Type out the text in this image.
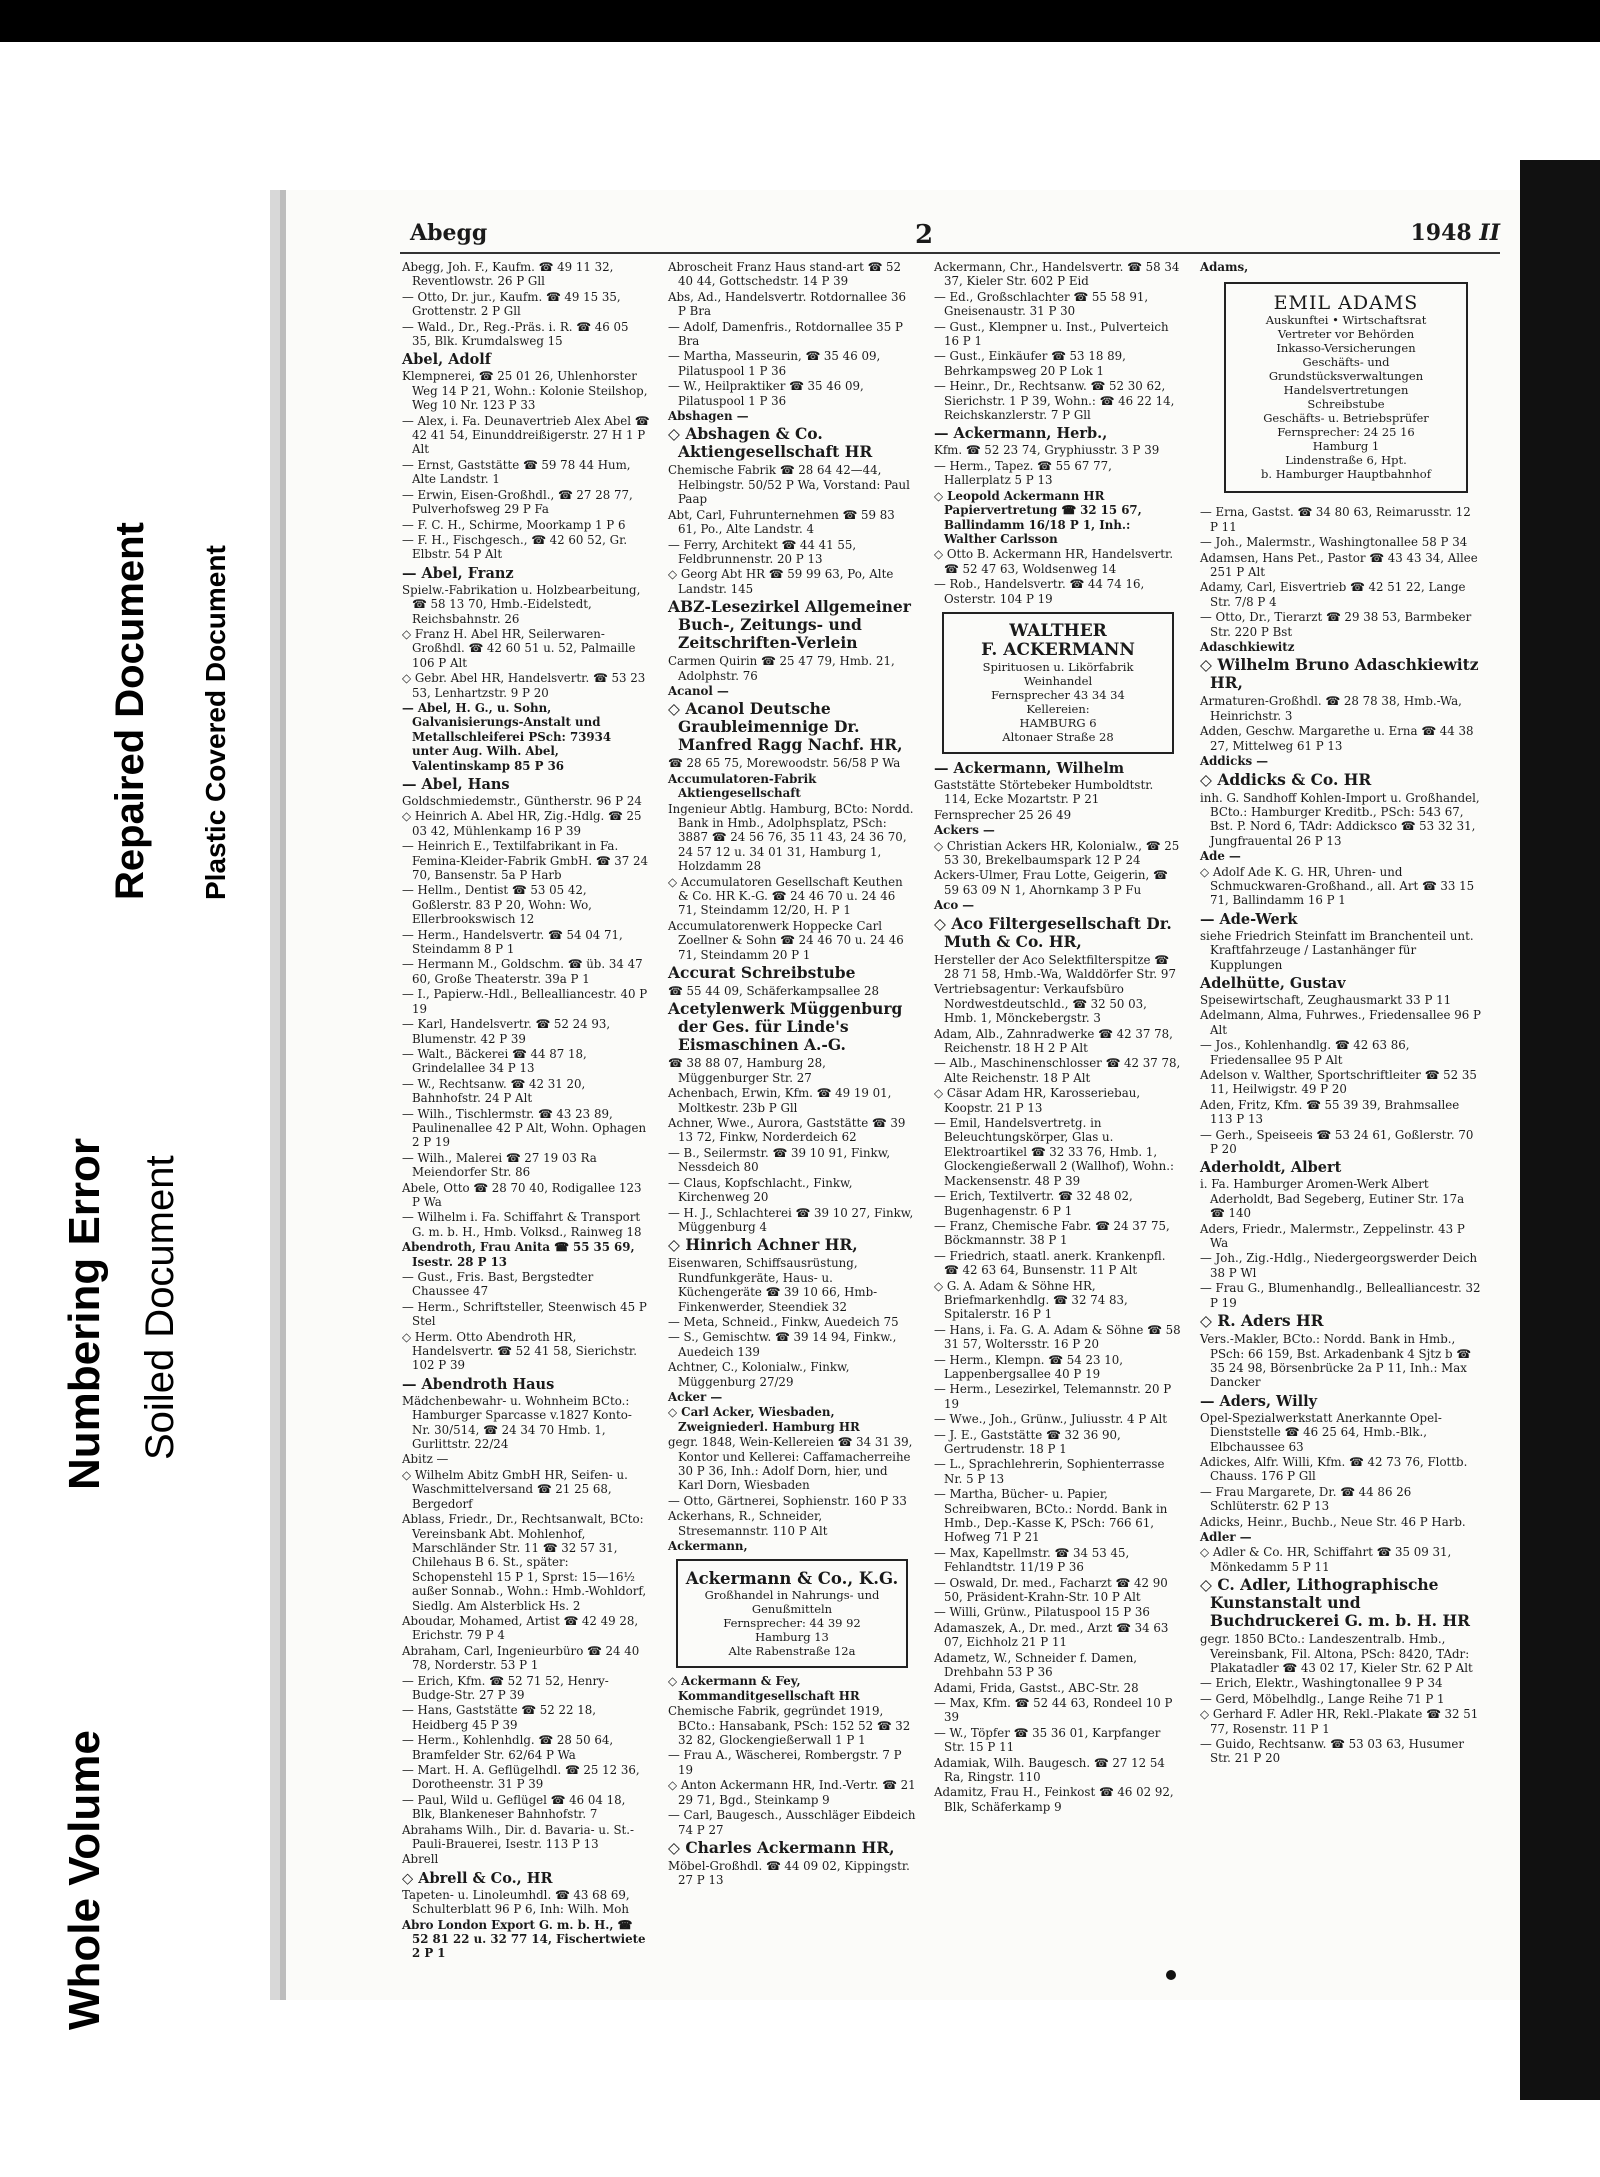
Whole Volume
Numbering Error Soiled Document
Repaired Document Plastic Covered Document
Abegg	2	1948 II
Abegg, Joh. F., Kaufm. ☎ 49 11 32, Reventlowstr. 26 P Gll
— Otto, Dr. jur., Kaufm. ☎ 49 15 35, Grottenstr. 2 P Gll
— Wald., Dr., Reg.-Präs. i. R. ☎ 46 05 35, Blk. Krumdalsweg 15
Abel, Adolf
Klempnerei, ☎ 25 01 26, Uhlenhorster Weg 14 P 21, Wohn.: Kolonie Steilshop, Weg 10 Nr. 123 P 33
— Alex, i. Fa. Deunavertrieb Alex Abel ☎ 42 41 54, Einunddreißigerstr. 27 H 1 P Alt
— Ernst, Gaststätte ☎ 59 78 44 Hum, Alte Landstr. 1
— Erwin, Eisen-Großhdl., ☎ 27 28 77, Pulverhofsweg 29 P Fa
— F. C. H., Schirme, Moorkamp 1 P 6
— F. H., Fischgesch., ☎ 42 60 52, Gr. Elbstr. 54 P Alt
— Abel, Franz
Spielw.-Fabrikation u. Holzbearbeitung, ☎ 58 13 70, Hmb.-Eidelstedt, Reichsbahnstr. 26
◇ Franz H. Abel HR, Seilerwaren-Großhdl. ☎ 42 60 51 u. 52, Palmaille 106 P Alt
◇ Gebr. Abel HR, Handelsvertr. ☎ 53 23 53, Lenhartzstr. 9 P 20
— Abel, H. G., u. Sohn, Galvanisierungs-Anstalt und Metallschleiferei PSch: 73934 unter Aug. Wilh. Abel, Valentinskamp 85 P 36
— Abel, Hans
Goldschmiedemstr., Güntherstr. 96 P 24
◇ Heinrich A. Abel HR, Zig.-Hdlg. ☎ 25 03 42, Mühlenkamp 16 P 39
— Heinrich E., Textilfabrikant in Fa. Femina-Kleider-Fabrik GmbH. ☎ 37 24 70, Bansenstr. 5a P Harb
— Hellm., Dentist ☎ 53 05 42, Goßlerstr. 83 P 20, Wohn: Wo, Ellerbrookswisch 12
— Herm., Handelsvertr. ☎ 54 04 71, Steindamm 8 P 1
— Hermann M., Goldschm. ☎ üb. 34 47 60, Große Theaterstr. 39a P 1
— I., Papierw.-Hdl., Bellealliancestr. 40 P 19
— Karl, Handelsvertr. ☎ 52 24 93, Blumenstr. 42 P 39
— Walt., Bäckerei ☎ 44 87 18, Grindelallee 34 P 13
— W., Rechtsanw. ☎ 42 31 20, Bahnhofstr. 24 P Alt
— Wilh., Tischlermstr. ☎ 43 23 89, Paulinenallee 42 P Alt, Wohn. Ophagen 2 P 19
— Wilh., Malerei ☎ 27 19 03 Ra Meiendorfer Str. 86
Abele, Otto ☎ 28 70 40, Rodigallee 123 P Wa
— Wilhelm i. Fa. Schiffahrt & Transport G. m. b. H., Hmb. Volksd., Rainweg 18
Abendroth, Frau Anita ☎ 55 35 69, Isestr. 28 P 13
— Gust., Fris. Bast, Bergstedter Chaussee 47
— Herm., Schriftsteller, Steenwisch 45 P Stel
◇ Herm. Otto Abendroth HR, Handelsvertr. ☎ 52 41 58, Sierichstr. 102 P 39
— Abendroth Haus
Mädchenbewahr- u. Wohnheim BCto.: Hamburger Sparcasse v.1827 Konto-Nr. 30/514, ☎ 24 34 70 Hmb. 1, Gurlittstr. 22/24
Abitz —
◇ Wilhelm Abitz GmbH HR, Seifen- u. Waschmittelversand ☎ 21 25 68, Bergedorf
Ablass, Friedr., Dr., Rechtsanwalt, BCto: Vereinsbank Abt. Mohlenhof, Marschländer Str. 11 ☎ 32 57 31, Chilehaus B 6. St., später: Schopenstehl 15 P 1, Sprst: 15—16½ außer Sonnab., Wohn.: Hmb.-Wohldorf, Siedlg. Am Alsterblick Hs. 2
Aboudar, Mohamed, Artist ☎ 42 49 28, Erichstr. 79 P 4
Abraham, Carl, Ingenieurbüro ☎ 24 40 78, Norderstr. 53 P 1
— Erich, Kfm. ☎ 52 71 52, Henry-Budge-Str. 27 P 39
— Hans, Gaststätte ☎ 52 22 18, Heidberg 45 P 39
— Herm., Kohlenhdlg. ☎ 28 50 64, Bramfelder Str. 62/64 P Wa
— Mart. H. A. Geflügelhdl. ☎ 25 12 36, Dorotheenstr. 31 P 39
— Paul, Wild u. Geflügel ☎ 46 04 18, Blk, Blankeneser Bahnhofstr. 7
Abrahams Wilh., Dir. d. Bavaria- u. St.-Pauli-Brauerei, Isestr. 113 P 13
Abrell
◇ Abrell & Co., HR
Tapeten- u. Linoleumhdl. ☎ 43 68 69, Schulterblatt 96 P 6, Inh: Wilh. Moh
Abro London Export G. m. b. H., ☎ 52 81 22 u. 32 77 14, Fischertwiete 2 P 1
Abroscheit Franz Haus stand-art ☎ 52 40 44, Gottschedstr. 14 P 39
Abs, Ad., Handelsvertr. Rotdornallee 36 P Bra
— Adolf, Damenfris., Rotdornallee 35 P Bra
— Martha, Masseurin, ☎ 35 46 09, Pilatuspool 1 P 36
— W., Heilpraktiker ☎ 35 46 09, Pilatuspool 1 P 36
Abshagen —
◇ Abshagen & Co. Aktiengesellschaft HR
Chemische Fabrik ☎ 28 64 42—44, Helbingstr. 50/52 P Wa, Vorstand: Paul Paap
Abt, Carl, Fuhrunternehmen ☎ 59 83 61, Po., Alte Landstr. 4
— Ferry, Architekt ☎ 44 41 55, Feldbrunnenstr. 20 P 13
◇ Georg Abt HR ☎ 59 99 63, Po, Alte Landstr. 145
ABZ-Lesezirkel Allgemeiner Buch-, Zeitungs- und Zeitschriften-Verlein
Carmen Quirin ☎ 25 47 79, Hmb. 21, Adolphstr. 76
Acanol —
◇ Acanol Deutsche Graubleimennige Dr. Manfred Ragg Nachf. HR,
☎ 28 65 75, Morewoodstr. 56/58 P Wa
Accumulatoren-Fabrik Aktiengesellschaft
Ingenieur Abtlg. Hamburg, BCto: Nordd. Bank in Hmb., Adolphsplatz, PSch: 3887 ☎ 24 56 76, 35 11 43, 24 36 70, 24 57 12 u. 34 01 31, Hamburg 1, Holzdamm 28
◇ Accumulatoren Gesellschaft Keuthen & Co. HR K.-G. ☎ 24 46 70 u. 24 46 71, Steindamm 12/20, H. P 1
Accumulatorenwerk Hoppecke Carl Zoellner & Sohn ☎ 24 46 70 u. 24 46 71, Steindamm 20 P 1
Accurat Schreibstube
☎ 55 44 09, Schäferkampsallee 28
Acetylenwerk Müggenburg der Ges. für Linde's Eismaschinen A.-G.
☎ 38 88 07, Hamburg 28, Müggenburger Str. 27
Achenbach, Erwin, Kfm. ☎ 49 19 01, Moltkestr. 23b P Gll
Achner, Wwe., Aurora, Gaststätte ☎ 39 13 72, Finkw, Norderdeich 62
— B., Seilermstr. ☎ 39 10 91, Finkw, Nessdeich 80
— Claus, Kopfschlacht., Finkw, Kirchenweg 20
— H. J., Schlachterei ☎ 39 10 27, Finkw, Müggenburg 4
◇ Hinrich Achner HR,
Eisenwaren, Schiffsausrüstung, Rundfunkgeräte, Haus- u. Küchengeräte ☎ 39 10 66, Hmb-Finkenwerder, Steendiek 32
— Meta, Schneid., Finkw, Auedeich 75
— S., Gemischtw. ☎ 39 14 94, Finkw., Auedeich 139
Achtner, C., Kolonialw., Finkw, Müggenburg 27/29
Acker —
◇ Carl Acker, Wiesbaden, Zweigniederl. Hamburg HR
gegr. 1848, Wein-Kellereien ☎ 34 31 39, Kontor und Kellerei: Caffamacherreihe 30 P 36, Inh.: Adolf Dorn, hier, und Karl Dorn, Wiesbaden
— Otto, Gärtnerei, Sophienstr. 160 P 33
Ackerhans, R., Schneider, Stresemannstr. 110 P Alt
Ackermann,
Ackermann & Co., K.G.
Großhandel in Nahrungs- und Genußmitteln
Fernsprecher: 44 39 92
Hamburg 13
Alte Rabenstraße 12a
◇ Ackermann & Fey, Kommanditgesellschaft HR
Chemische Fabrik, gegründet 1919, BCto.: Hansabank, PSch: 152 52 ☎ 32 32 82, Glockengießerwall 1 P 1
— Frau A., Wäscherei, Rombergstr. 7 P 19
◇ Anton Ackermann HR, Ind.-Vertr. ☎ 21 29 71, Bgd., Steinkamp 9
— Carl, Baugesch., Ausschläger Eibdeich 74 P 27
◇ Charles Ackermann HR,
Möbel-Großhdl. ☎ 44 09 02, Kippingstr. 27 P 13
Ackermann, Chr., Handelsvertr. ☎ 58 34 37, Kieler Str. 602 P Eid
— Ed., Großschlachter ☎ 55 58 91, Gneisenaustr. 31 P 30
— Gust., Klempner u. Inst., Pulverteich 16 P 1
— Gust., Einkäufer ☎ 53 18 89, Behrkampsweg 20 P Lok 1
— Heinr., Dr., Rechtsanw. ☎ 52 30 62, Sierichstr. 1 P 39, Wohn.: ☎ 46 22 14, Reichskanzlerstr. 7 P Gll
— Ackermann, Herb.,
Kfm. ☎ 52 23 74, Gryphiusstr. 3 P 39
— Herm., Tapez. ☎ 55 67 77, Hallerplatz 5 P 13
◇ Leopold Ackermann HR Papiervertretung ☎ 32 15 67, Ballindamm 16/18 P 1, Inh.: Walther Carlsson
◇ Otto B. Ackermann HR, Handelsvertr. ☎ 52 47 63, Woldsenweg 14
— Rob., Handelsvertr. ☎ 44 74 16, Osterstr. 104 P 19
WALTHER
F. ACKERMANN
Spirituosen u. Likörfabrik
Weinhandel
Fernsprecher 43 34 34
Kellereien:
HAMBURG 6
Altonaer Straße 28
— Ackermann, Wilhelm
Gaststätte Störtebeker Humboldtstr. 114, Ecke Mozartstr. P 21
Fernsprecher 25 26 49
Ackers —
◇ Christian Ackers HR, Kolonialw., ☎ 25 53 30, Brekelbaumspark 12 P 24
Ackers-Ulmer, Frau Lotte, Geigerin, ☎ 59 63 09 N 1, Ahornkamp 3 P Fu
Aco —
◇ Aco Filtergesellschaft Dr. Muth & Co. HR,
Hersteller der Aco Selektfilterspitze ☎ 28 71 58, Hmb.-Wa, Walddörfer Str. 97
Vertriebsagentur: Verkaufsbüro Nordwestdeutschld., ☎ 32 50 03, Hmb. 1, Mönckebergstr. 3
Adam, Alb., Zahnradwerke ☎ 42 37 78, Reichenstr. 18 H 2 P Alt
— Alb., Maschinenschlosser ☎ 42 37 78, Alte Reichenstr. 18 P Alt
◇ Cäsar Adam HR, Karosseriebau, Koopstr. 21 P 13
— Emil, Handelsvertretg. in Beleuchtungskörper, Glas u. Elektroartikel ☎ 32 33 76, Hmb. 1, Glockengießerwall 2 (Wallhof), Wohn.: Mackensenstr. 48 P 39
— Erich, Textilvertr. ☎ 32 48 02, Bugenhagenstr. 6 P 1
— Franz, Chemische Fabr. ☎ 24 37 75, Böckmannstr. 38 P 1
— Friedrich, staatl. anerk. Krankenpfl. ☎ 42 63 64, Bunsenstr. 11 P Alt
◇ G. A. Adam & Söhne HR, Briefmarkenhdlg. ☎ 32 74 83, Spitalerstr. 16 P 1
— Hans, i. Fa. G. A. Adam & Söhne ☎ 58 31 57, Woltersstr. 16 P 20
— Herm., Klempn. ☎ 54 23 10, Lappenbergsallee 40 P 19
— Herm., Lesezirkel, Telemannstr. 20 P 19
— Wwe., Joh., Grünw., Juliusstr. 4 P Alt
— J. E., Gaststätte ☎ 32 36 90, Gertrudenstr. 18 P 1
— L., Sprachlehrerin, Sophienterrasse Nr. 5 P 13
— Martha, Bücher- u. Papier, Schreibwaren, BCto.: Nordd. Bank in Hmb., Dep.-Kasse K, PSch: 766 61, Hofweg 71 P 21
— Max, Kapellmstr. ☎ 34 53 45, Fehlandtstr. 11/19 P 36
— Oswald, Dr. med., Facharzt ☎ 42 90 50, Präsident-Krahn-Str. 10 P Alt
— Willi, Grünw., Pilatuspool 15 P 36
Adamaszek, A., Dr. med., Arzt ☎ 34 63 07, Eichholz 21 P 11
Adametz, W., Schneider f. Damen, Drehbahn 53 P 36
Adami, Frida, Gastst., ABC-Str. 28
— Max, Kfm. ☎ 52 44 63, Rondeel 10 P 39
— W., Töpfer ☎ 35 36 01, Karpfanger Str. 15 P 11
Adamiak, Wilh. Baugesch. ☎ 27 12 54 Ra, Ringstr. 110
Adamitz, Frau H., Feinkost ☎ 46 02 92, Blk, Schäferkamp 9
Adams,
EMIL ADAMS
Auskunftei • Wirtschaftsrat
Vertreter vor Behörden
Inkasso-Versicherungen
Geschäfts- und
Grundstücksverwaltungen
Handelsvertretungen
Schreibstube
Geschäfts- u. Betriebsprüfer
Fernsprecher: 24 25 16
Hamburg 1
Lindenstraße 6, Hpt.
b. Hamburger Hauptbahnhof
— Erna, Gastst. ☎ 34 80 63, Reimarusstr. 12 P 11
— Joh., Malermstr., Washingtonallee 58 P 34
Adamsen, Hans Pet., Pastor ☎ 43 43 34, Allee 251 P Alt
Adamy, Carl, Eisvertrieb ☎ 42 51 22, Lange Str. 7/8 P 4
— Otto, Dr., Tierarzt ☎ 29 38 53, Barmbeker Str. 220 P Bst
Adaschkiewitz
◇ Wilhelm Bruno Adaschkiewitz HR,
Armaturen-Großhdl. ☎ 28 78 38, Hmb.-Wa, Heinrichstr. 3
Adden, Geschw. Margarethe u. Erna ☎ 44 38 27, Mittelweg 61 P 13
Addicks —
◇ Addicks & Co. HR
inh. G. Sandhoff Kohlen-Import u. Großhandel, BCto.: Hamburger Kreditb., PSch: 543 67, Bst. P. Nord 6, TAdr: Addicksco ☎ 53 32 31, Jungfrauental 26 P 13
Ade —
◇ Adolf Ade K. G. HR, Uhren- und Schmuckwaren-Großhand., all. Art ☎ 33 15 71, Ballindamm 16 P 1
— Ade-Werk
siehe Friedrich Steinfatt im Branchenteil unt. Kraftfahrzeuge / Lastanhänger für Kupplungen
Adelhütte, Gustav
Speisewirtschaft, Zeughausmarkt 33 P 11
Adelmann, Alma, Fuhrwes., Friedensallee 96 P Alt
— Jos., Kohlenhandlg. ☎ 42 63 86, Friedensallee 95 P Alt
Adelson v. Walther, Sportschriftleiter ☎ 52 35 11, Heilwigstr. 49 P 20
Aden, Fritz, Kfm. ☎ 55 39 39, Brahmsallee 113 P 13
— Gerh., Speiseeis ☎ 53 24 61, Goßlerstr. 70 P 20
Aderholdt, Albert
i. Fa. Hamburger Aromen-Werk Albert Aderholdt, Bad Segeberg, Eutiner Str. 17a ☎ 140
Aders, Friedr., Malermstr., Zeppelinstr. 43 P Wa
— Joh., Zig.-Hdlg., Niedergeorgswerder Deich 38 P Wl
— Frau G., Blumenhandlg., Bellealliancestr. 32 P 19
◇ R. Aders HR
Vers.-Makler, BCto.: Nordd. Bank in Hmb., PSch: 66 159, Bst. Arkadenbank 4 Sjtz b ☎ 35 24 98, Börsenbrücke 2a P 11, Inh.: Max Dancker
— Aders, Willy
Opel-Spezialwerkstatt Anerkannte Opel-Dienststelle ☎ 46 25 64, Hmb.-Blk., Elbchaussee 63
Adickes, Alfr. Willi, Kfm. ☎ 42 73 76, Flottb. Chauss. 176 P Gll
— Frau Margarete, Dr. ☎ 44 86 26 Schlüterstr. 62 P 13
Adicks, Heinr., Buchb., Neue Str. 46 P Harb.
Adler —
◇ Adler & Co. HR, Schiffahrt ☎ 35 09 31, Mönkedamm 5 P 11
◇ C. Adler, Lithographische Kunstanstalt und Buchdruckerei G. m. b. H. HR
gegr. 1850 BCto.: Landeszentralb. Hmb., Vereinsbank, Fil. Altona, PSch: 8420, TAdr: Plakatadler ☎ 43 02 17, Kieler Str. 62 P Alt
— Erich, Elektr., Washingtonallee 9 P 34
— Gerd, Möbelhdlg., Lange Reihe 71 P 1
◇ Gerhard F. Adler HR, Rekl.-Plakate ☎ 32 51 77, Rosenstr. 11 P 1
— Guido, Rechtsanw. ☎ 53 03 63, Husumer Str. 21 P 20
